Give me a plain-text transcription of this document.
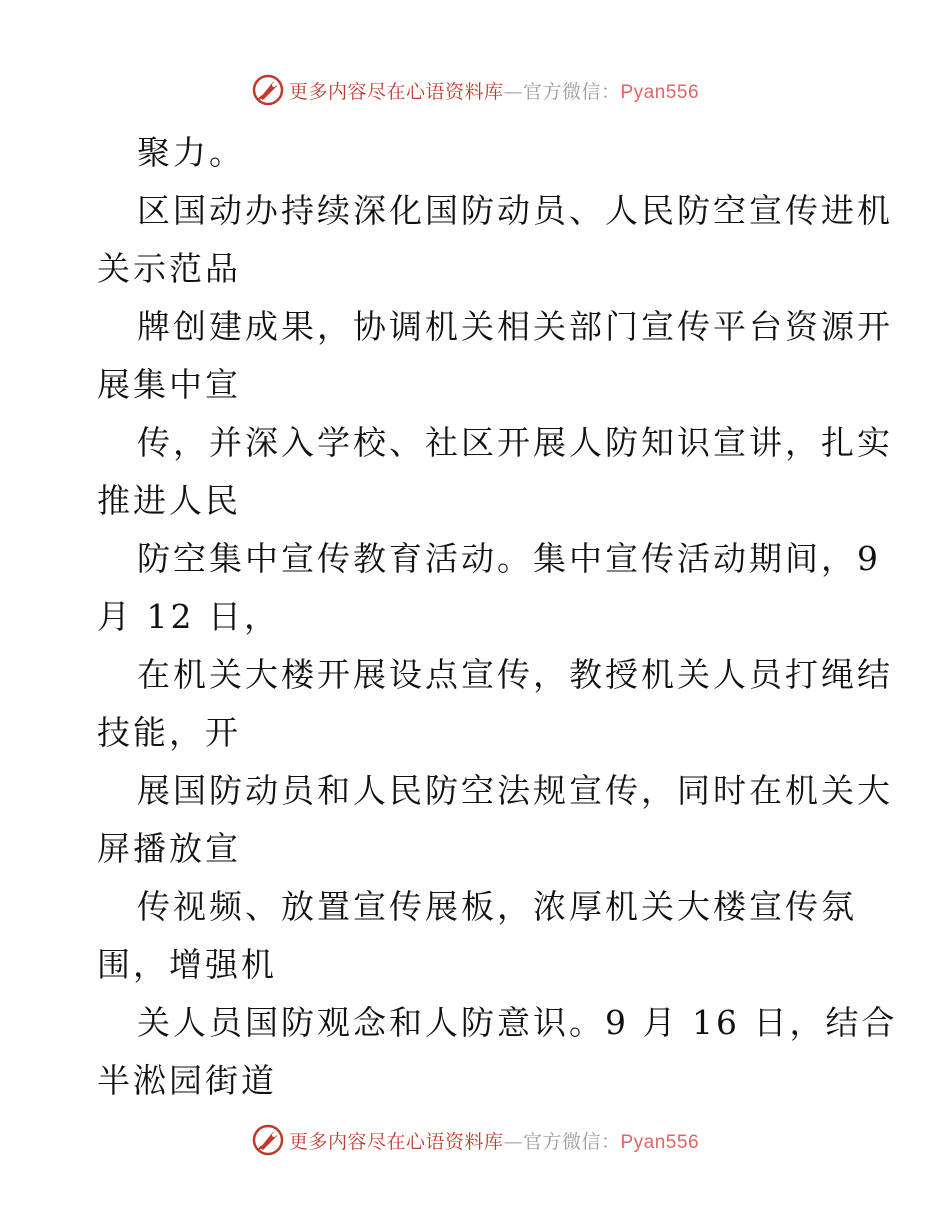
更多内容尽在心语资料库—官方微信：Pyan556
聚力。
区国动办持续深化国防动员、人民防空宣传进机
关示范品
牌创建成果，协调机关相关部门宣传平台资源开
展集中宣
传，并深入学校、社区开展人防知识宣讲，扎实
推进人民
防空集中宣传教育活动。集中宣传活动期间，9
月 12 日，
在机关大楼开展设点宣传，教授机关人员打绳结
技能，开
展国防动员和人民防空法规宣传，同时在机关大
屏播放宣
传视频、放置宣传展板，浓厚机关大楼宣传氛
围，增强机
关人员国防观念和人防意识。9 月 16 日，结合
半淞园街道
更多内容尽在心语资料库—官方微信：Pyan556
